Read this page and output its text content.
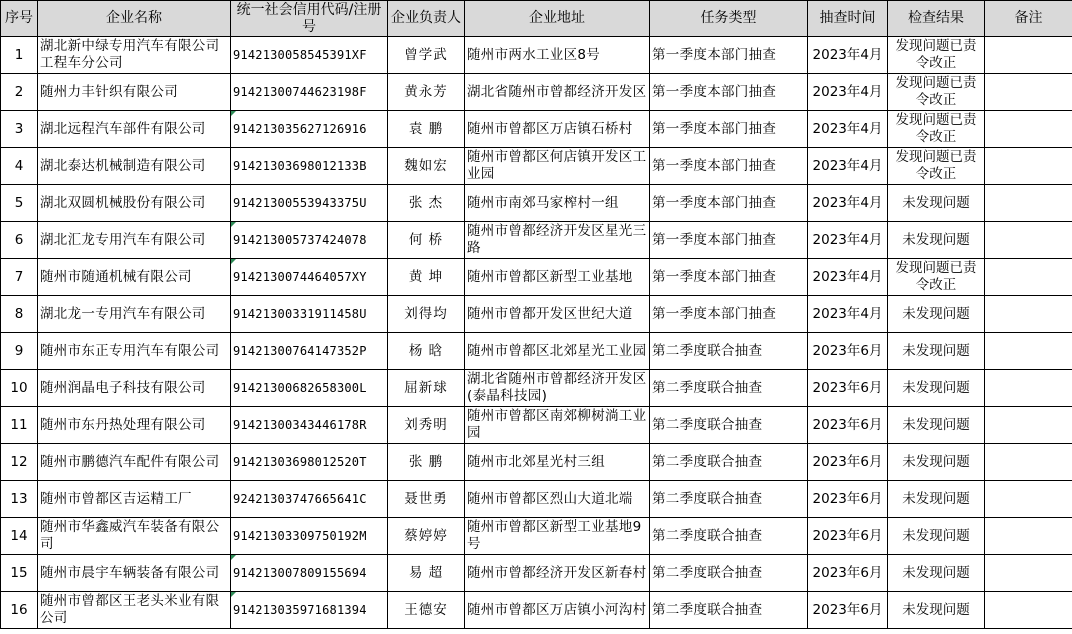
序号	企业名称	统一社会信用代码/注册号	企业负责人	企业地址	任务类型	抽查时间	检查结果	备注
1	湖北新中绿专用汽车有限公司工程车分公司	9142130058545391XF	曾学武	随州市两水工业区8号	第一季度本部门抽查	2023年4月	发现问题已责令改正	
2	随州力丰针织有限公司	91421300744623198F	黄永芳	湖北省随州市曾都经济开发区	第一季度本部门抽查	2023年4月	发现问题已责令改正	
3	湖北远程汽车部件有限公司	914213035627126916	袁 鹏	随州市曾都区万店镇石桥村	第一季度本部门抽查	2023年4月	发现问题已责令改正	
4	湖北泰达机械制造有限公司	91421303698012133B	魏如宏	随州市曾都区何店镇开发区工业园	第一季度本部门抽查	2023年4月	发现问题已责令改正	
5	湖北双圆机械股份有限公司	91421300553943375U	张 杰	随州市南郊马家榨村一组	第一季度本部门抽查	2023年4月	未发现问题	
6	湖北汇龙专用汽车有限公司	914213005737424078	何 桥	随州市曾都经济开发区星光三路	第一季度本部门抽查	2023年4月	未发现问题	
7	随州市随通机械有限公司	9142130074464057XY	黄 坤	随州市曾都区新型工业基地	第一季度本部门抽查	2023年4月	发现问题已责令改正	
8	湖北龙一专用汽车有限公司	91421300331911458U	刘得均	随州市曾都开发区世纪大道	第一季度本部门抽查	2023年4月	未发现问题	
9	随州市东正专用汽车有限公司	91421300764147352P	杨 晗	随州市曾都区北郊星光工业园	第二季度联合抽查	2023年6月	未发现问题	
10	随州润晶电子科技有限公司	91421300682658300L	屈新球	湖北省随州市曾都经济开发区(泰晶科技园)	第二季度联合抽查	2023年6月	未发现问题	
11	随州市东丹热处理有限公司	91421300343446178R	刘秀明	随州市曾都区南郊柳树淌工业园	第二季度联合抽查	2023年6月	未发现问题	
12	随州市鹏德汽车配件有限公司	91421303698012520T	张 鹏	随州市北郊星光村三组	第二季度联合抽查	2023年6月	未发现问题	
13	随州市曾都区吉运精工厂	92421303747665641C	聂世勇	随州市曾都区烈山大道北端	第二季度联合抽查	2023年6月	未发现问题	
14	随州市华鑫威汽车装备有限公司	91421303309750192M	蔡婷婷	随州市曾都区新型工业基地9号	第二季度联合抽查	2023年6月	未发现问题	
15	随州市晨宇车辆装备有限公司	914213007809155694	易 超	随州市曾都经济开发区新春村	第二季度联合抽查	2023年6月	未发现问题	
16	随州市曾都区王老头米业有限公司	914213035971681394	王德安	随州市曾都区万店镇小河沟村	第二季度联合抽查	2023年6月	未发现问题	
